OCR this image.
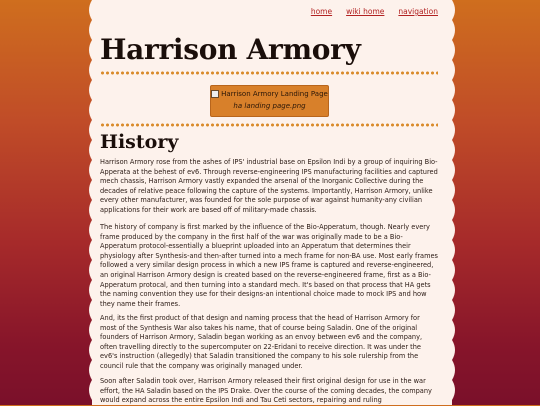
home wiki home navigation
Harrison Armory
Harrison Armory Landing Page
ha landing page.png
History

Harrison Armory rose from the ashes of IPS' industrial base on Epsilon Indi by a group of inquiring Bio-Apperata at the behest of ev6. Through reverse-engineering IPS manufacturing facilities and captured mech chassis, Harrison Armory vastly expanded the arsenal of the Inorganic Collective during the decades of relative peace following the capture of the systems. Importantly, Harrison Armory, unlike every other manufacturer, was founded for the sole purpose of war against humanity-any civilian applications for their work are based off of military-made chassis.

The history of company is first marked by the influence of the Bio-Apperatum, though. Nearly every frame produced by the company in the first half of the war was originally made to be a Bio-Apperatum protocol-essentially a blueprint uploaded into an Apperatum that determines their physiology after Synthesis-and then-after turned into a mech frame for non-BA use. Most early frames followed a very similar design process in which a new IPS frame is captured and reverse-engineered, an original Harrison Armory design is created based on the reverse-engineered frame, first as a Bio-Apperatum protocal, and then turning into a standard mech. It's based on that process that HA gets the naming convention they use for their designs-an intentional choice made to mock IPS and how they name their frames.

And, its the first product of that design and naming process that the head of Harrison Armory for most of the Synthesis War also takes his name, that of course being Saladin. One of the original founders of Harrison Armory, Saladin began working as an envoy between ev6 and the company, often travelling directly to the supercomputer on 22-Eridani to receive direction. It was under the ev6's instruction (allegedly) that Saladin transitioned the company to his sole rulership from the council rule that the company was originally managed under.

Soon after Saladin took over, Harrison Armory released their first original design for use in the war effort, the HA Saladin based on the IPS Drake. Over the course of the coming decades, the company would expand across the entire Epsilon Indi and Tau Ceti sectors, repairing and ruling
